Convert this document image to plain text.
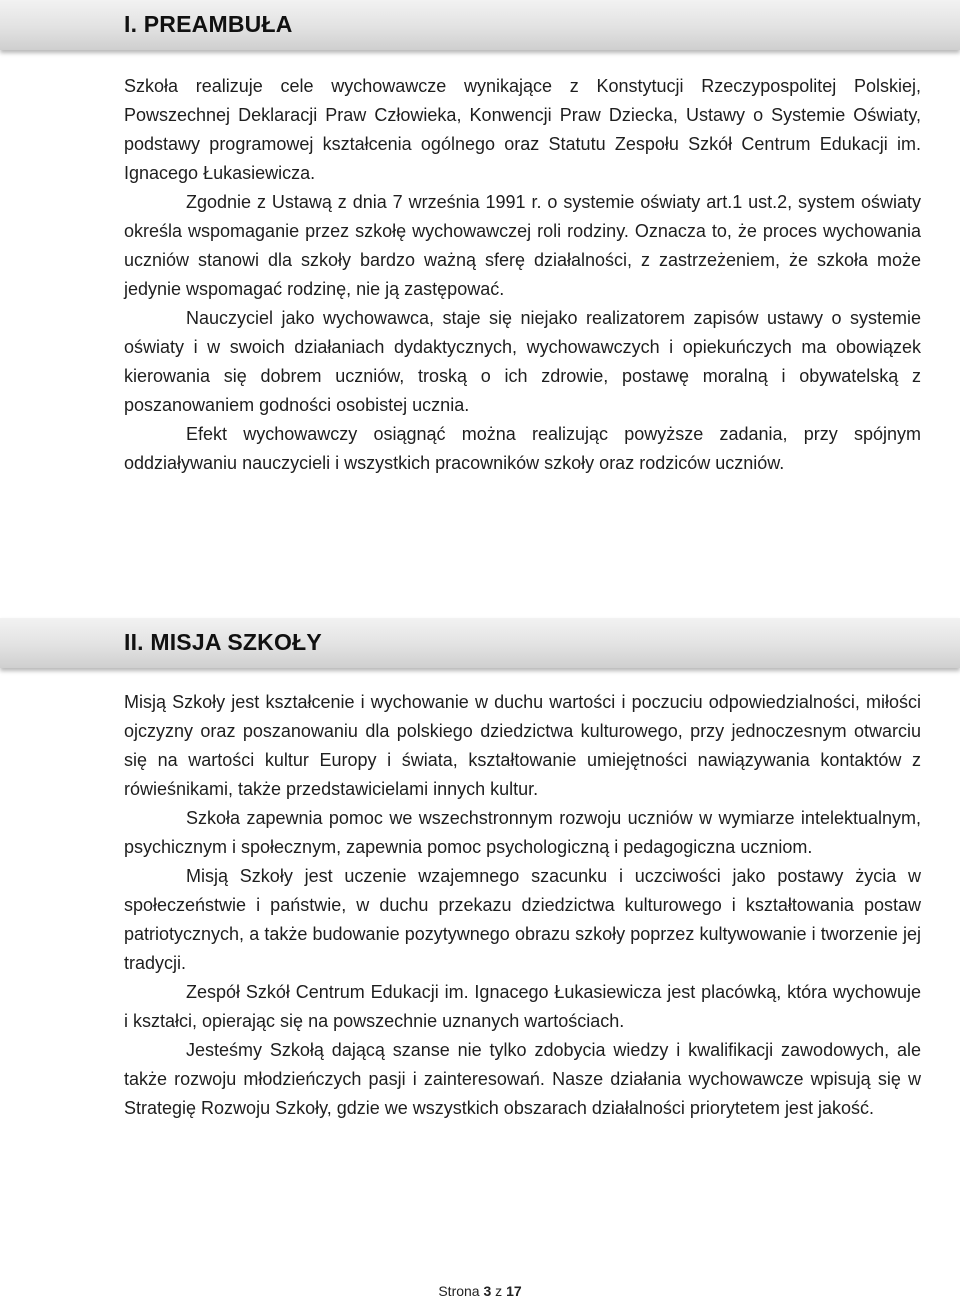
I. PREAMBUŁA

Szkoła realizuje cele wychowawcze wynikające z Konstytucji Rzeczypospolitej Polskiej, Powszechnej Deklaracji Praw Człowieka, Konwencji Praw Dziecka, Ustawy o Systemie Oświaty, podstawy programowej kształcenia ogólnego oraz Statutu Zespołu Szkół Centrum Edukacji im. Ignacego Łukasiewicza.

Zgodnie z Ustawą z dnia 7 września 1991 r. o systemie oświaty art.1 ust.2, system oświaty określa wspomaganie przez szkołę wychowawczej roli rodziny. Oznacza to, że proces wychowania uczniów stanowi dla szkoły bardzo ważną sferę działalności, z zastrzeżeniem, że szkoła może jedynie wspomagać rodzinę, nie ją zastępować.

Nauczyciel jako wychowawca, staje się niejako realizatorem zapisów ustawy o systemie oświaty i w swoich działaniach dydaktycznych, wychowawczych i opiekuńczych ma obowiązek kierowania się dobrem uczniów, troską o ich zdrowie, postawę moralną i obywatelską z poszanowaniem godności osobistej ucznia.

Efekt wychowawczy osiągnąć można realizując powyższe zadania, przy spójnym oddziaływaniu nauczycieli i wszystkich pracowników szkoły oraz rodziców uczniów.

II. MISJA SZKOŁY

Misją Szkoły jest kształcenie i wychowanie w duchu wartości i poczuciu odpowiedzialności, miłości ojczyzny oraz poszanowaniu dla polskiego dziedzictwa kulturowego, przy jednoczesnym otwarciu się na wartości kultur Europy i świata, kształtowanie umiejętności nawiązywania kontaktów z rówieśnikami, także przedstawicielami innych kultur.

Szkoła zapewnia pomoc we wszechstronnym rozwoju uczniów w wymiarze intelektualnym, psychicznym i społecznym, zapewnia pomoc psychologiczną i pedagogiczna uczniom.

Misją Szkoły jest uczenie wzajemnego szacunku i uczciwości jako postawy życia w społeczeństwie i państwie, w duchu przekazu dziedzictwa kulturowego i kształtowania postaw patriotycznych, a także budowanie pozytywnego obrazu szkoły poprzez kultywowanie i tworzenie jej tradycji.

Zespół Szkół Centrum Edukacji im. Ignacego Łukasiewicza jest placówką, która wychowuje i kształci, opierając się na powszechnie uznanych wartościach.

Jesteśmy Szkołą dającą szanse nie tylko zdobycia wiedzy i kwalifikacji zawodowych, ale także rozwoju młodzieńczych pasji i zainteresowań. Nasze działania wychowawcze wpisują się w Strategię Rozwoju Szkoły, gdzie we wszystkich obszarach działalności priorytetem jest jakość.

Strona 3 z 17
